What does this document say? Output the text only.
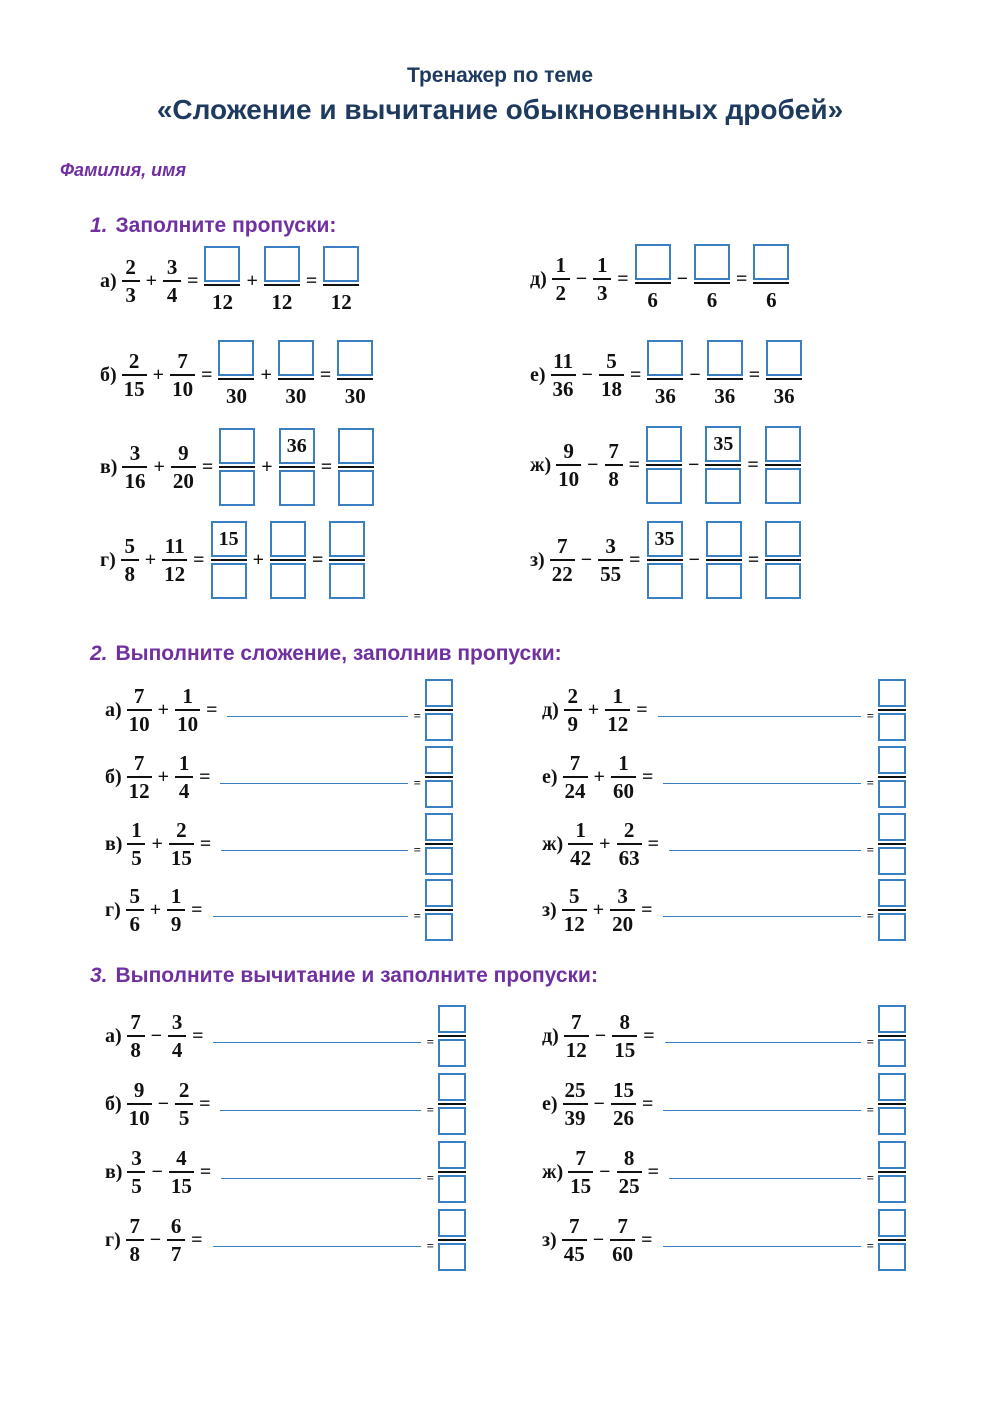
Тренажер по теме
«Сложение и вычитание обыкновенных дробей»
Фамилия, имя
1. Заполните пропуски:
2. Выполните сложение, заполнив пропуски:
3. Выполните вычитание и заполните пропуски:
$а) \frac{2}{3} + \frac{3}{4}$ =
12
+
12
=
12
$б) \frac{2}{15} + \frac{7}{10}$ =
30
+
30
=
30
$в) \frac{3}{16} + \frac{9}{20}$ = +
36
=
$г) \frac{5}{8} + \frac{11}{12}$ =
15
+ =
$д) \frac{1}{2} - \frac{1}{3}$ =
6
−
6
=
6
$е) \frac{11}{36} - \frac{5}{18}$ =
36
−
36
=
36
$ж) \frac{9}{10} - \frac{7}{8}$ = −
35
=
$з) \frac{7}{22} - \frac{3}{55}$ =
35
− =
$а) \frac{7}{10} + \frac{1}{10}$ =	=
$б) \frac{7}{12} + \frac{1}{4}$ =	=
$в) \frac{1}{5} + \frac{2}{15}$ =	=
$г) \frac{5}{6} + \frac{1}{9}$ =	=
$д) \frac{2}{9} + \frac{1}{12}$ =	=
$е) \frac{7}{24} + \frac{1}{60}$ =	=
$ж) \frac{1}{42} + \frac{2}{63}$ =	=
$з) \frac{5}{12} + \frac{3}{20}$ =	=
$а) \frac{7}{8} - \frac{3}{4}$ =	=
$б) \frac{9}{10} - \frac{2}{5}$ =	=
$в) \frac{3}{5} - \frac{4}{15}$ =	=
$г) \frac{7}{8} - \frac{6}{7}$ =	=
$д) \frac{7}{12} - \frac{8}{15}$ =	=
$е) \frac{25}{39} - \frac{15}{26}$ =	=
$ж) \frac{7}{15} - \frac{8}{25}$ =	=
$з) \frac{7}{45} - \frac{7}{60}$ =	=
